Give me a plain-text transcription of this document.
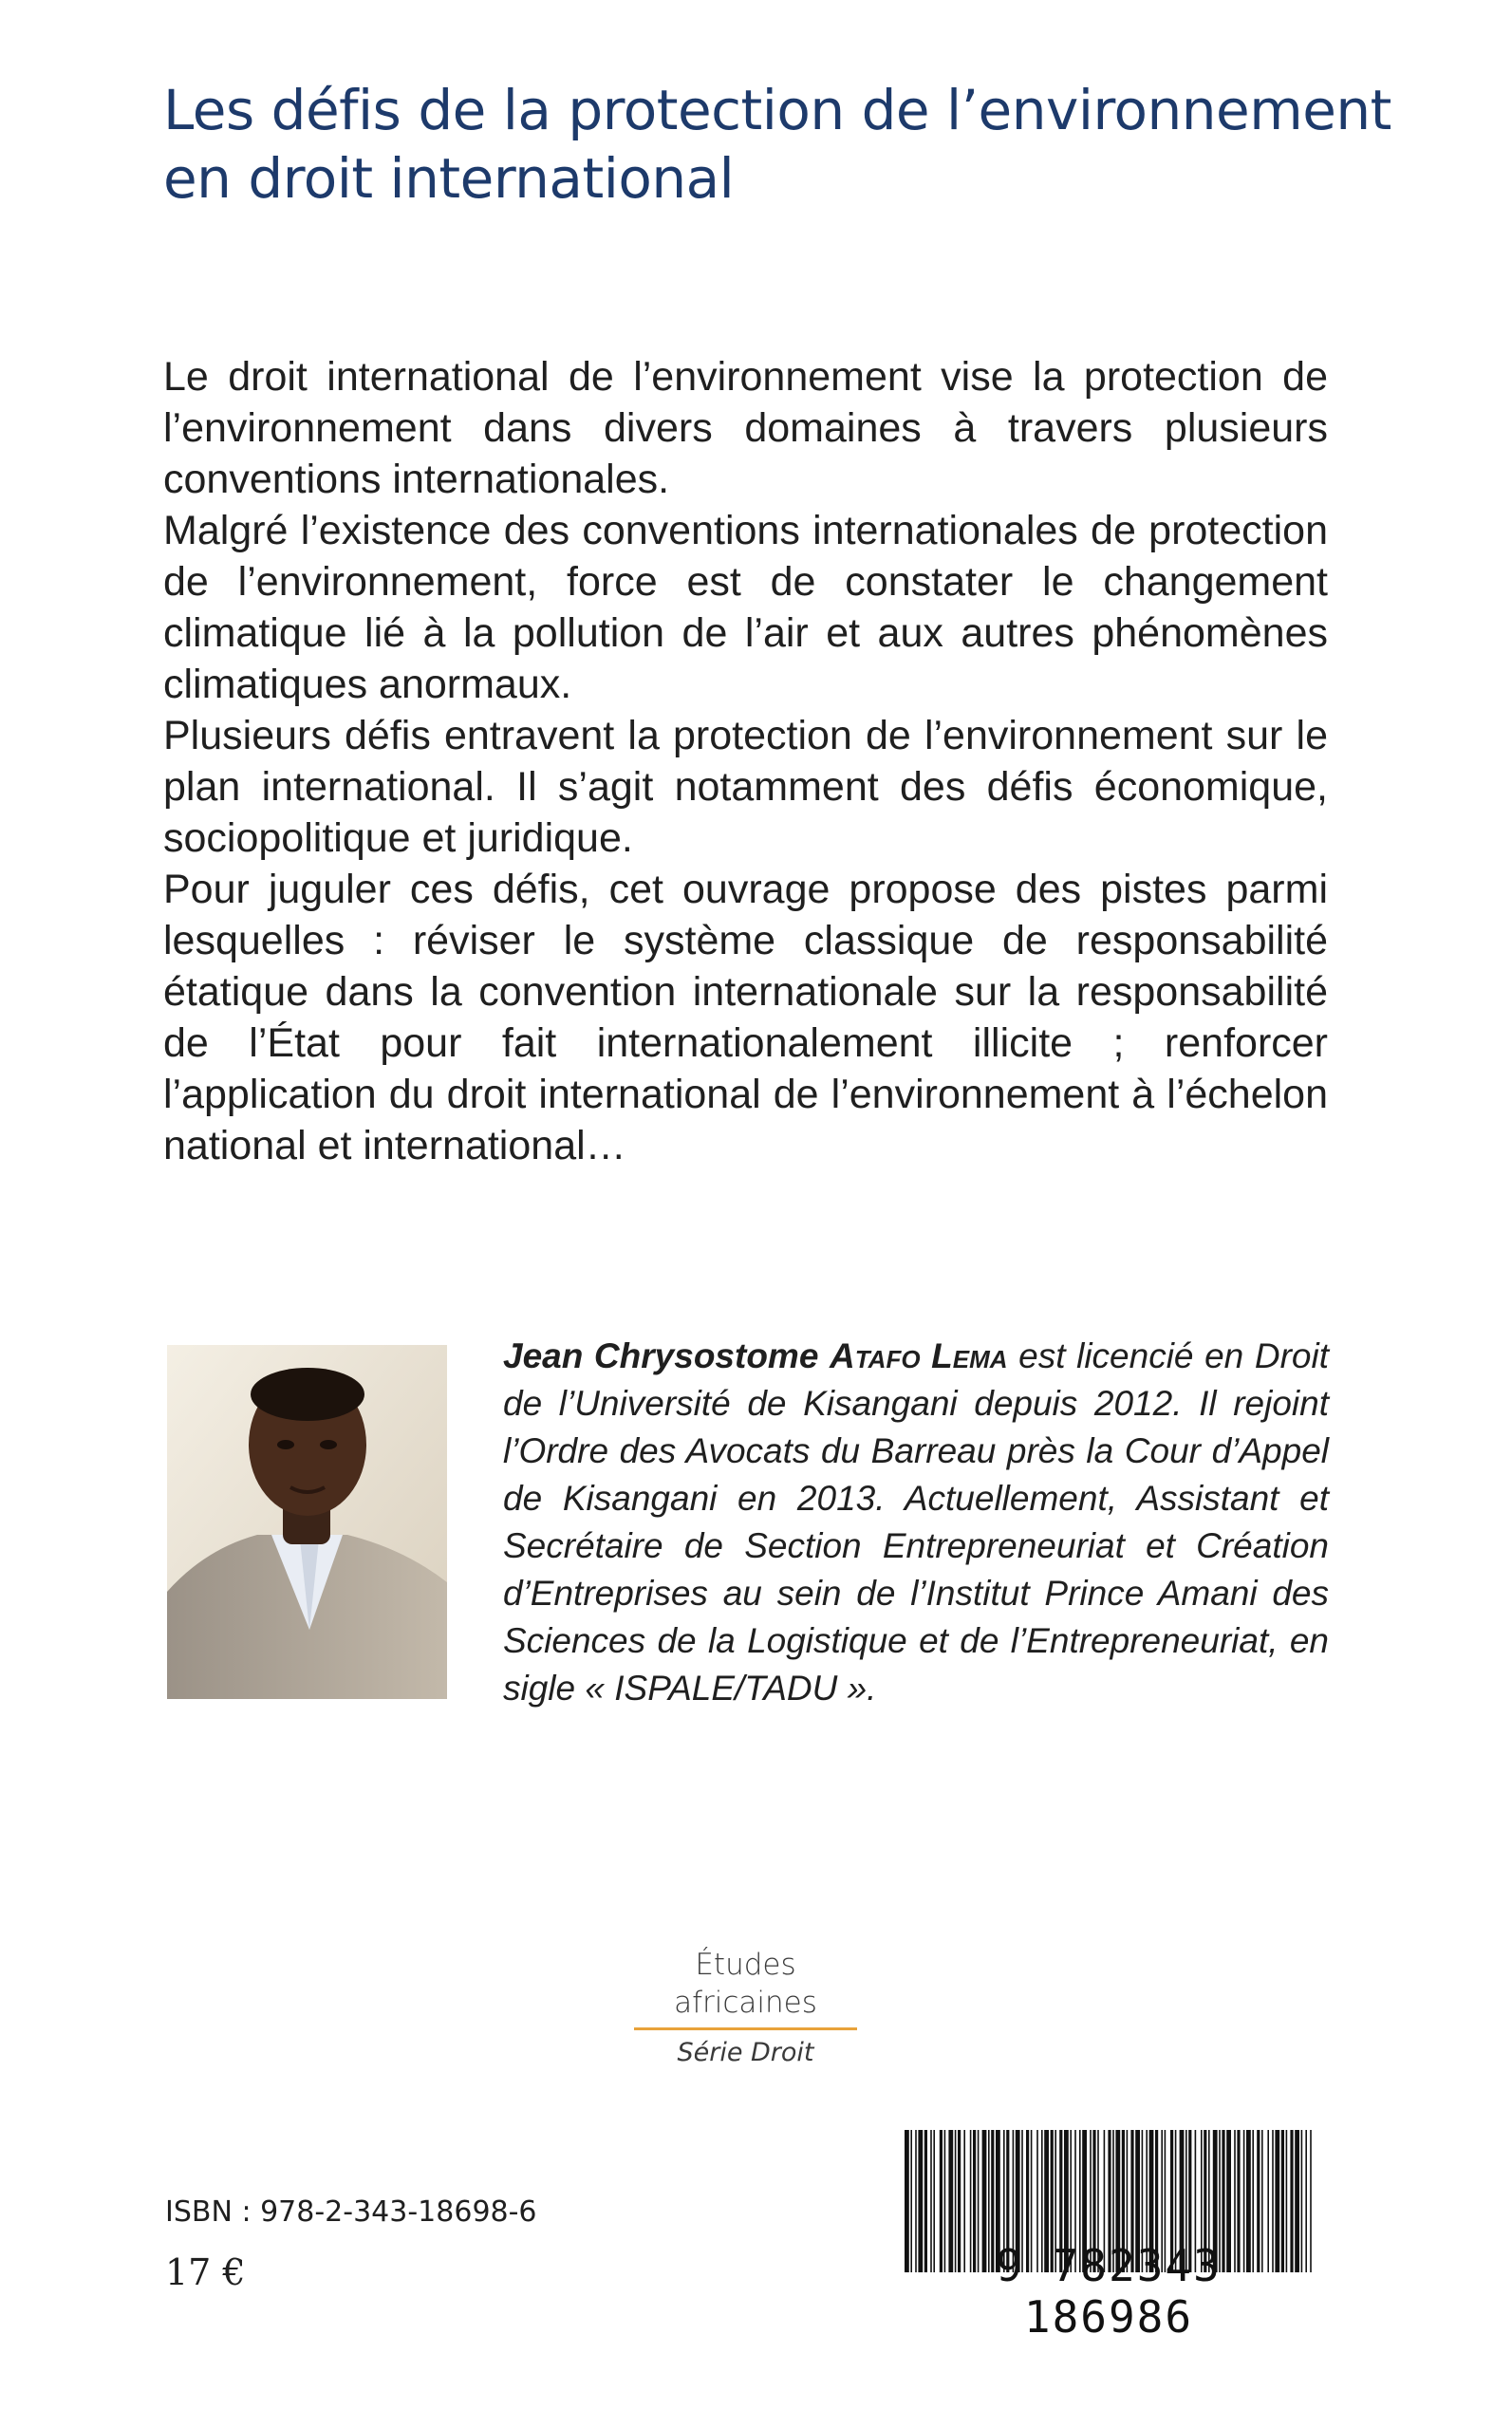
Les défis de la protection de l’environnement
en droit international

Le droit international de l’environnement vise la protection de l’environnement dans divers domaines à travers plusieurs conventions internationales.

Malgré l’existence des conventions internationales de protection de l’environnement, force est de constater le changement climatique lié à la pollution de l’air et aux autres phénomènes climatiques anormaux.

Plusieurs défis entravent la protection de l’environnement sur le plan international. Il s’agit notamment des défis économique, sociopolitique et juridique.

Pour juguler ces défis, cet ouvrage propose des pistes parmi lesquelles : réviser le système classique de responsabilité étatique dans la convention internationale sur la responsabilité de l’État pour fait internationalement illicite ; renforcer l’application du droit international de l’environnement à l’échelon national et international…

Jean Chrysostome Atafo Lema est licencié en Droit de l’Université de Kisangani depuis 2012. Il rejoint l’Ordre des Avocats du Barreau près la Cour d’Appel de Kisangani en 2013. Actuellement, Assistant et Secrétaire de Section Entrepreneuriat et Création d’Entreprises au sein de l’Institut Prince Amani des Sciences de la Logistique et de l’Entrepreneuriat, en sigle « ISPALE/TADU ».
Études africaines
Série Droit
ISBN : 978-2-343-18698-6
17 €	9 782343 186986
